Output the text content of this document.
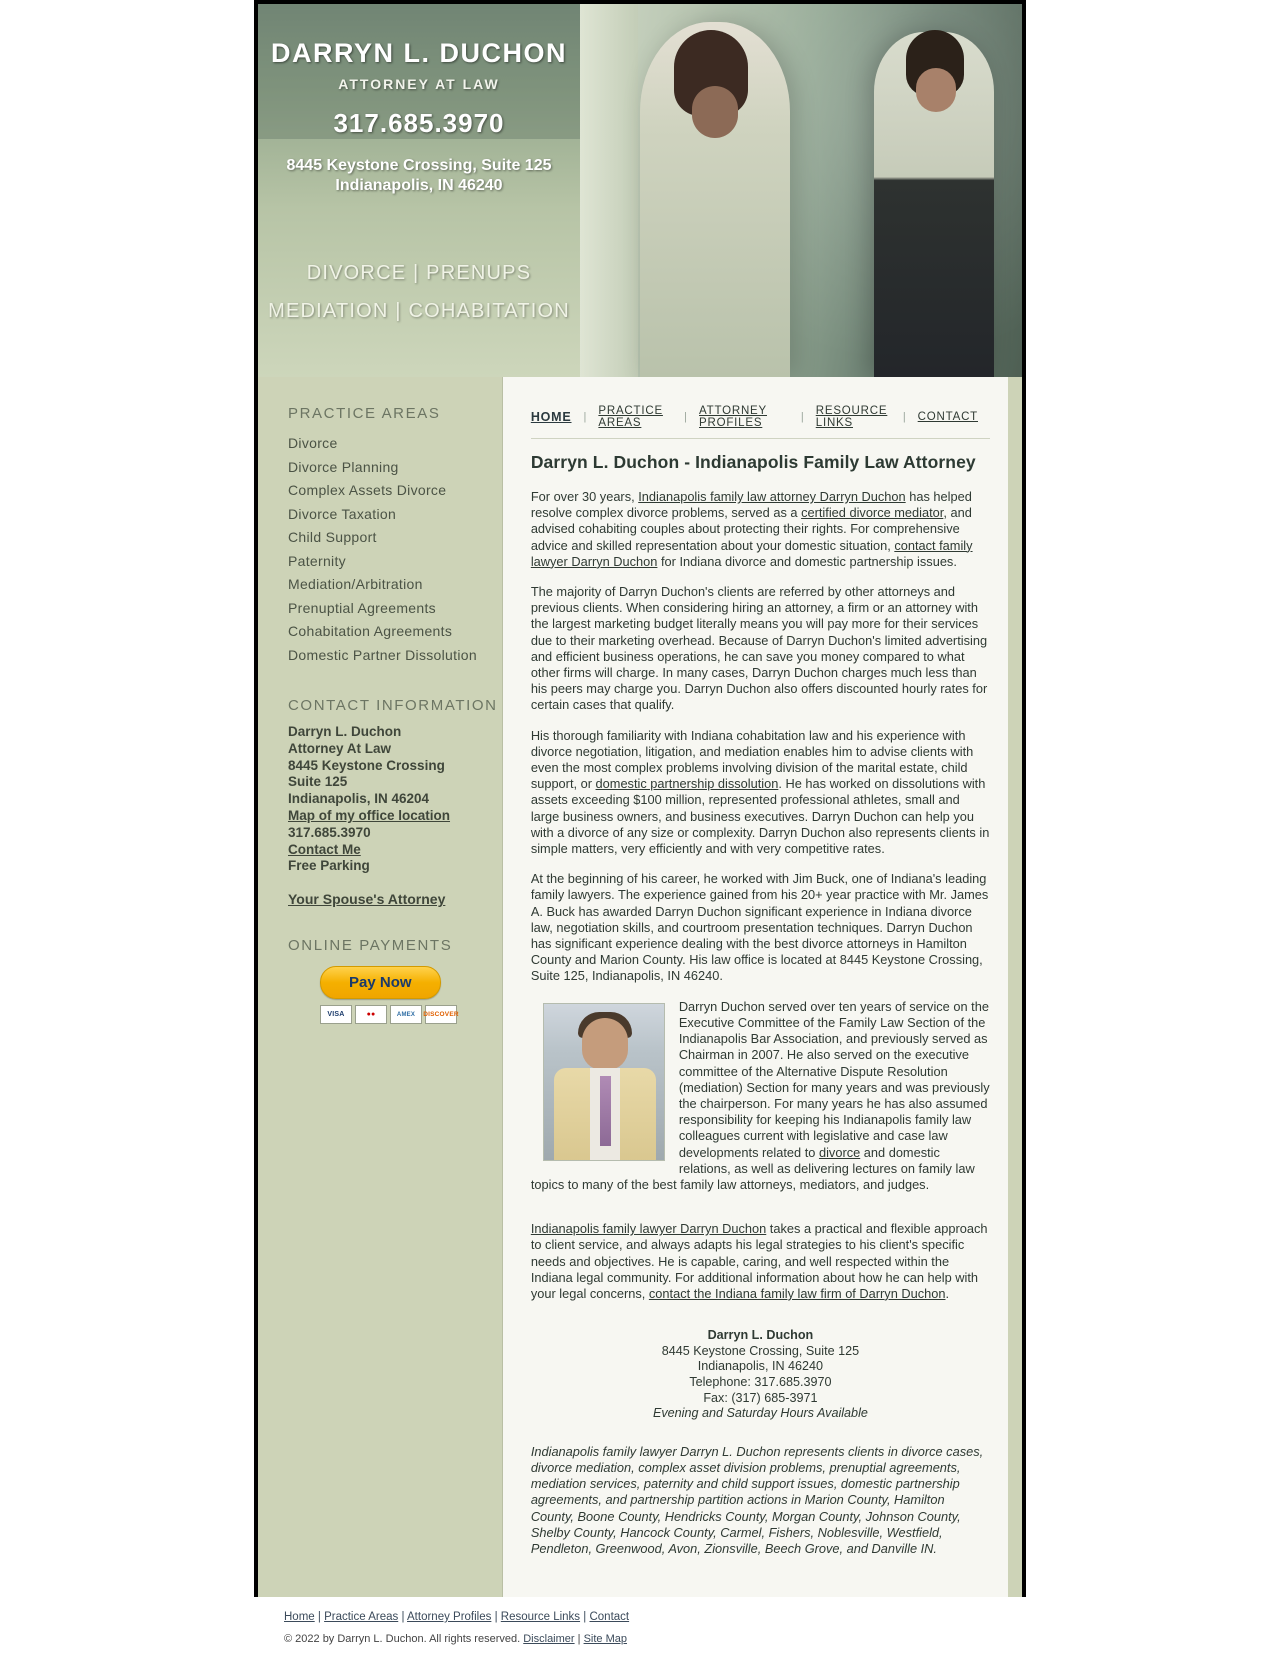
DARRYN L. DUCHON
ATTORNEY AT LAW
317.685.3970
8445 Keystone Crossing, Suite 125
Indianapolis, IN 46240
DIVORCE | PRENUPS
MEDIATION | COHABITATION
PRACTICE AREAS
Divorce
Divorce Planning
Complex Assets Divorce
Divorce Taxation
Child Support
Paternity
Mediation/Arbitration
Prenuptial Agreements
Cohabitation Agreements
Domestic Partner Dissolution
CONTACT INFORMATION
Darryn L. Duchon
Attorney At Law
8445 Keystone Crossing
Suite 125
Indianapolis, IN 46204
Map of my office location
317.685.3970
Contact Me
Free Parking
Your Spouse's Attorney
ONLINE PAYMENTS
Pay Now
VISA	●●	AMEX	DISCOVER
HOME	|	PRACTICE AREAS	|	ATTORNEY PROFILES	|	RESOURCE LINKS	|	CONTACT
Darryn L. Duchon - Indianapolis Family Law Attorney

For over 30 years, Indianapolis family law attorney Darryn Duchon has helped resolve complex divorce problems, served as a certified divorce mediator, and advised cohabiting couples about protecting their rights. For comprehensive advice and skilled representation about your domestic situation, contact family lawyer Darryn Duchon for Indiana divorce and domestic partnership issues.

The majority of Darryn Duchon's clients are referred by other attorneys and previous clients. When considering hiring an attorney, a firm or an attorney with the largest marketing budget literally means you will pay more for their services due to their marketing overhead. Because of Darryn Duchon's limited advertising and efficient business operations, he can save you money compared to what other firms will charge. In many cases, Darryn Duchon charges much less than his peers may charge you. Darryn Duchon also offers discounted hourly rates for certain cases that qualify.

His thorough familiarity with Indiana cohabitation law and his experience with divorce negotiation, litigation, and mediation enables him to advise clients with even the most complex problems involving division of the marital estate, child support, or domestic partnership dissolution. He has worked on dissolutions with assets exceeding $100 million, represented professional athletes, small and large business owners, and business executives. Darryn Duchon can help you with a divorce of any size or complexity. Darryn Duchon also represents clients in simple matters, very efficiently and with very competitive rates.

At the beginning of his career, he worked with Jim Buck, one of Indiana's leading family lawyers. The experience gained from his 20+ year practice with Mr. James A. Buck has awarded Darryn Duchon significant experience in Indiana divorce law, negotiation skills, and courtroom presentation techniques. Darryn Duchon has significant experience dealing with the best divorce attorneys in Hamilton County and Marion County. His law office is located at 8445 Keystone Crossing, Suite 125, Indianapolis, IN 46240.

Darryn Duchon served over ten years of service on the Executive Committee of the Family Law Section of the Indianapolis Bar Association, and previously served as Chairman in 2007. He also served on the executive committee of the Alternative Dispute Resolution (mediation) Section for many years and was previously the chairperson. For many years he has also assumed responsibility for keeping his Indianapolis family law colleagues current with legislative and case law developments related to divorce and domestic relations, as well as delivering lectures on family law topics to many of the best family law attorneys, mediators, and judges.

Indianapolis family lawyer Darryn Duchon takes a practical and flexible approach to client service, and always adapts his legal strategies to his client's specific needs and objectives. He is capable, caring, and well respected within the Indiana legal community. For additional information about how he can help with your legal concerns, contact the Indiana family law firm of Darryn Duchon.

Darryn L. Duchon
8445 Keystone Crossing, Suite 125
Indianapolis, IN 46240
Telephone: 317.685.3970
Fax: (317) 685-3971
Evening and Saturday Hours Available

Indianapolis family lawyer Darryn L. Duchon represents clients in divorce cases, divorce mediation, complex asset division problems, prenuptial agreements, mediation services, paternity and child support issues, domestic partnership agreements, and partnership partition actions in Marion County, Hamilton County, Boone County, Hendricks County, Morgan County, Johnson County, Shelby County, Hancock County, Carmel, Fishers, Noblesville, Westfield, Pendleton, Greenwood, Avon, Zionsville, Beech Grove, and Danville IN.

Home | Practice Areas | Attorney Profiles | Resource Links | Contact
© 2022 by Darryn L. Duchon. All rights reserved. Disclaimer | Site Map
